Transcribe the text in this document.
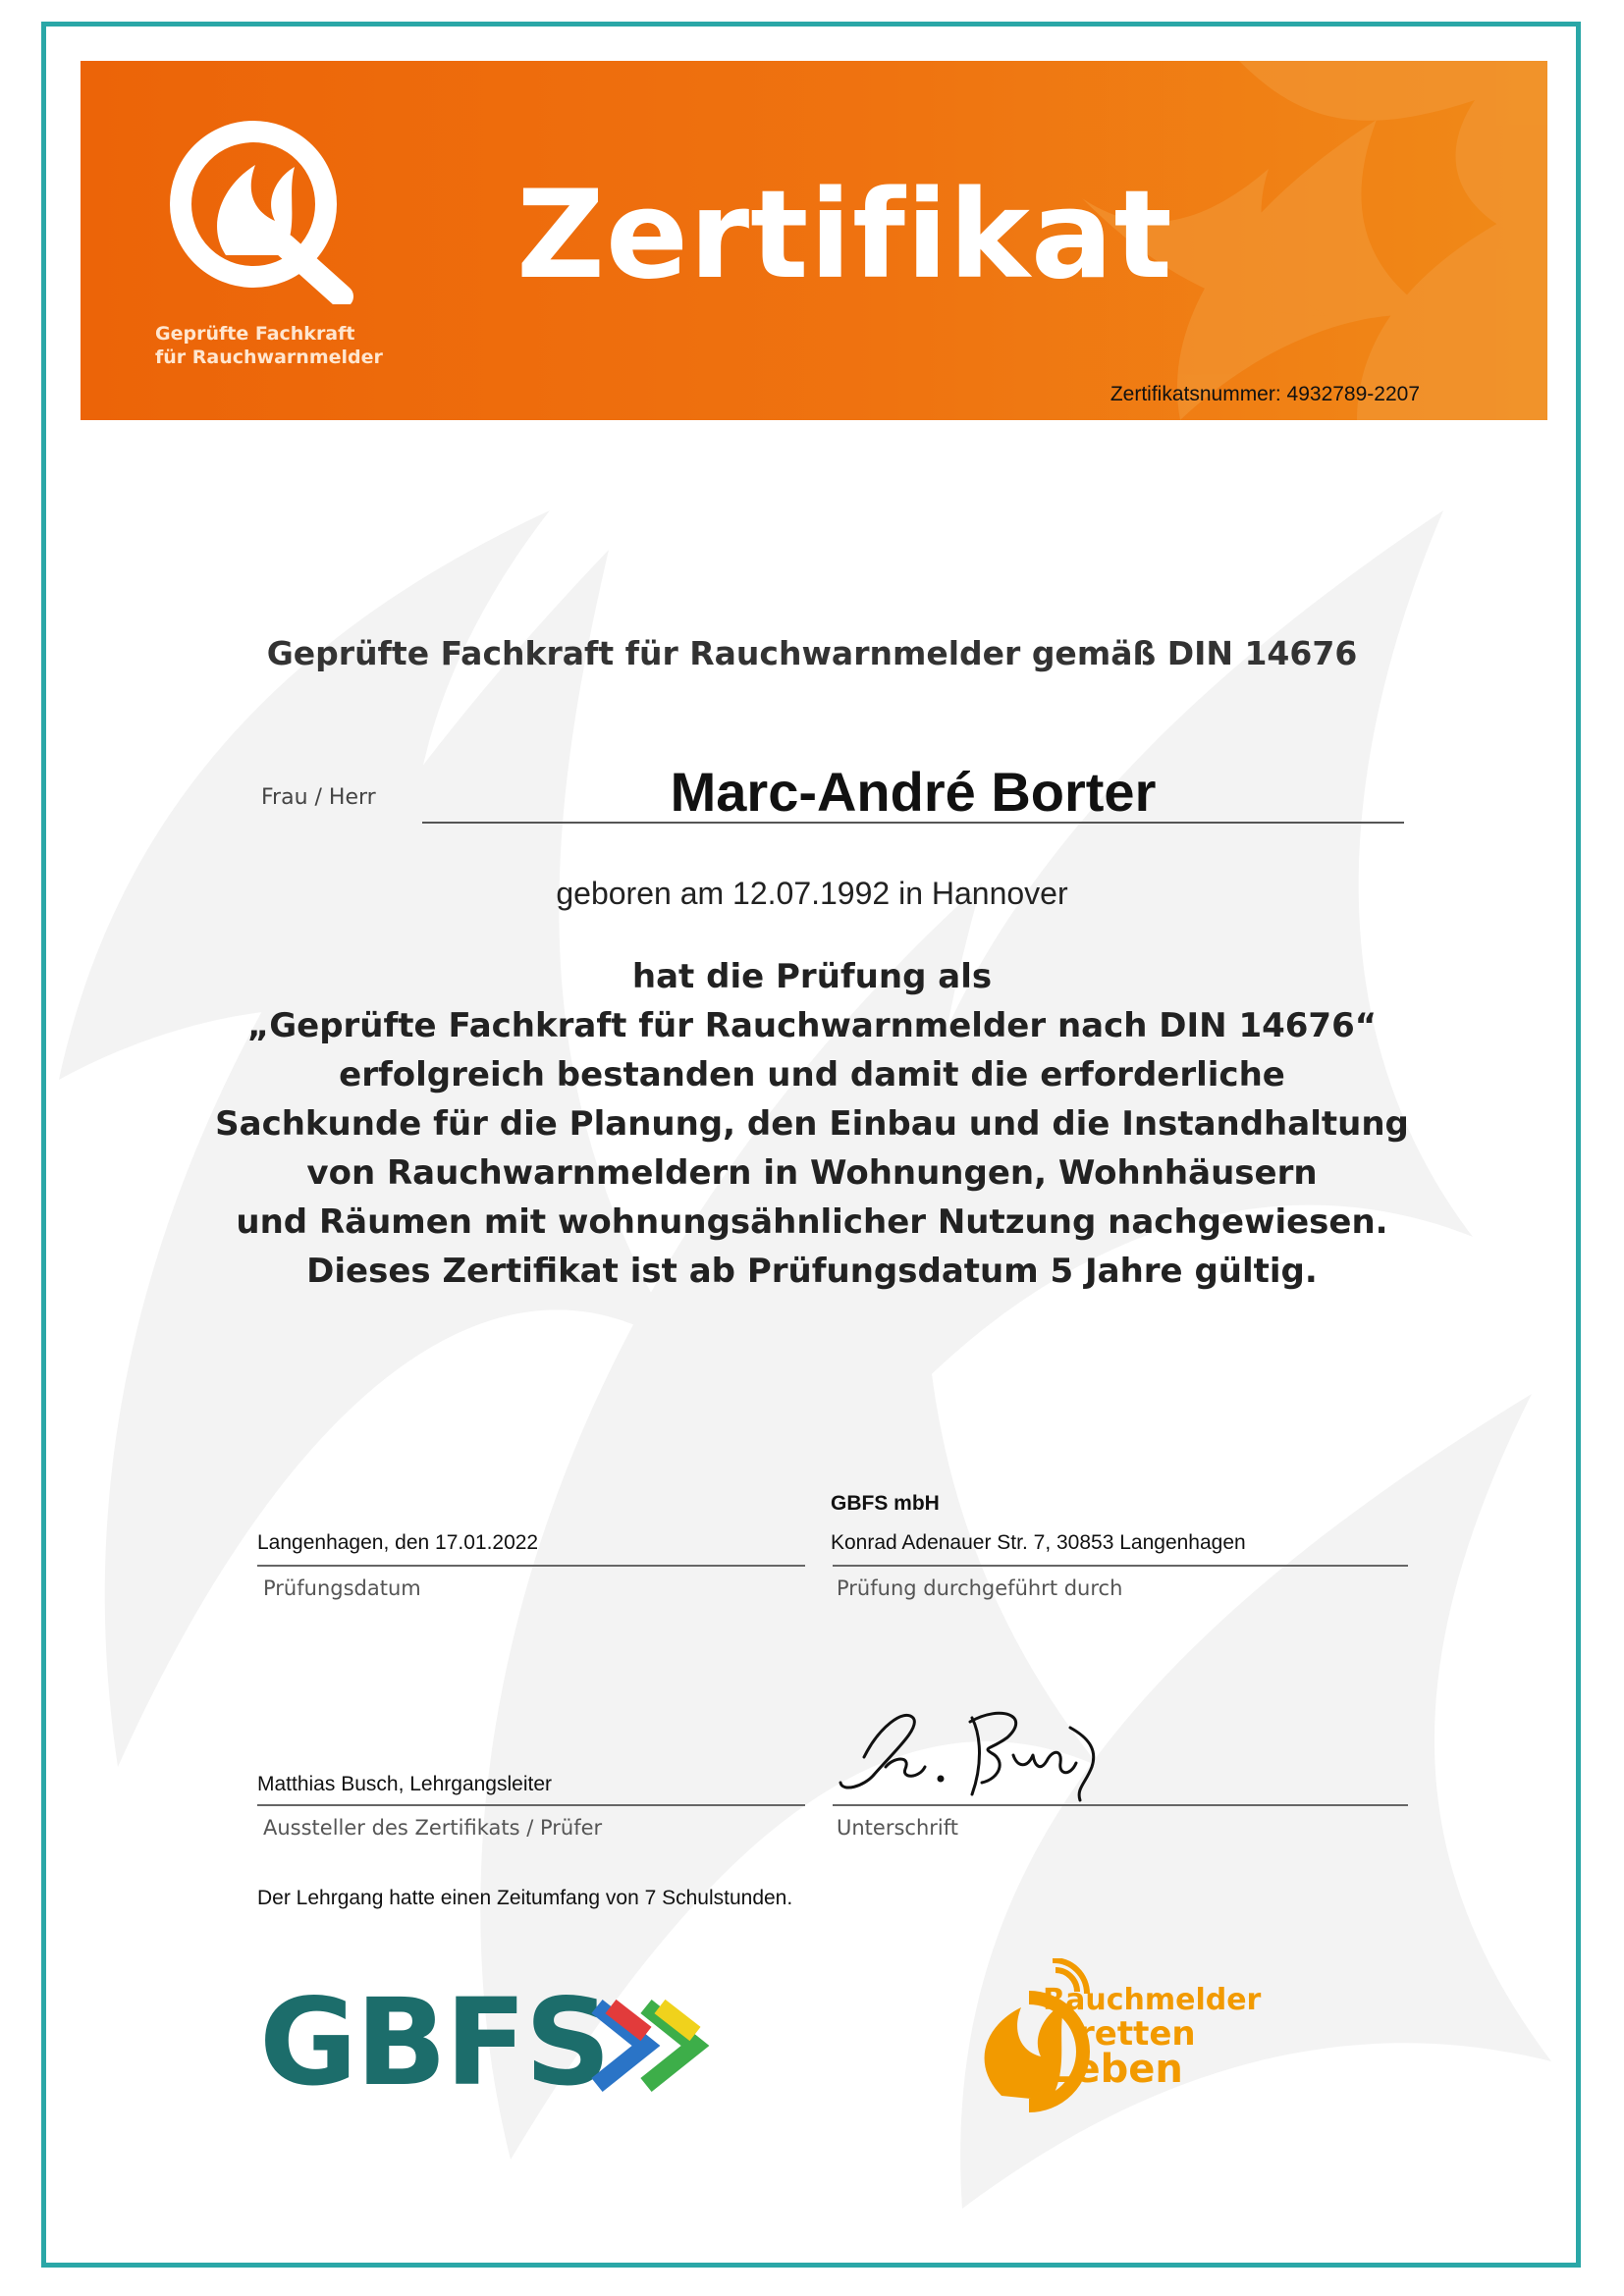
Geprüfte Fachkraft
für Rauchwarnmelder
Zertifikat
Zertifikatsnummer: 4932789-2207
Geprüfte Fachkraft für Rauchwarnmelder gemäß DIN 14676
Frau / Herr	Marc-André Borter
geboren am 12.07.1992 in Hannover
hat die Prüfung als
„Geprüfte Fachkraft für Rauchwarnmelder nach DIN 14676“
erfolgreich bestanden und damit die erforderliche
Sachkunde für die Planung, den Einbau und die Instandhaltung
von Rauchwarnmeldern in Wohnungen, Wohnhäusern
und Räumen mit wohnungsähnlicher Nutzung nachgewiesen.
Dieses Zertifikat ist ab Prüfungsdatum 5 Jahre gültig.
GBFS mbH
Langenhagen, den 17.01.2022
Prüfungsdatum
Konrad Adenauer Str. 7, 30853 Langenhagen
Prüfung durchgeführt durch
Matthias Busch, Lehrgangsleiter
Aussteller des Zertifikats / Prüfer	Unterschrift
Der Lehrgang hatte einen Zeitumfang von 7 Schulstunden.
GBFS	Rauchmelder
retten
Leben
